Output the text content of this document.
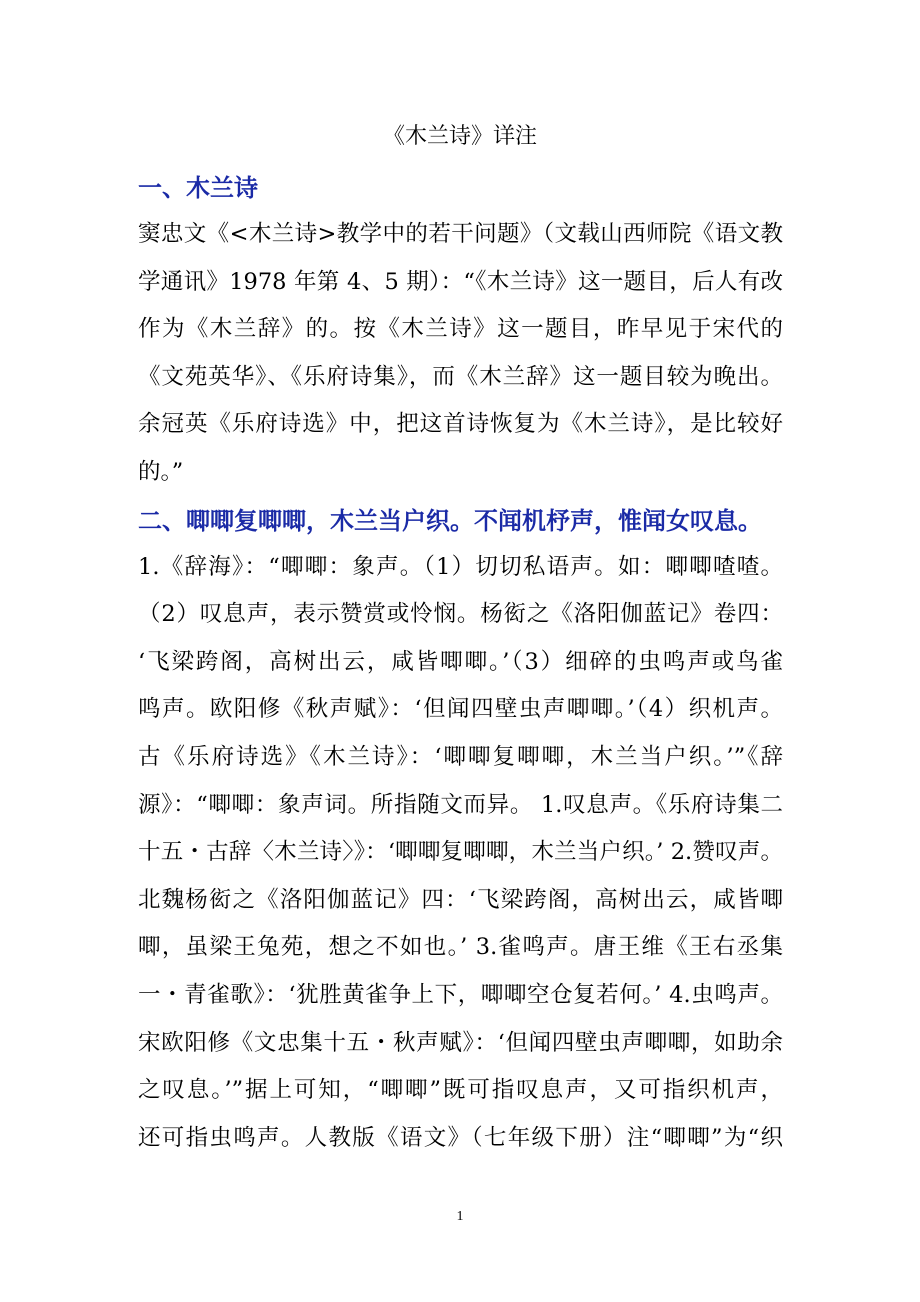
《木兰诗》详注
一、木兰诗
窦忠文《<木兰诗>教学中的若干问题》（文载山西师院《语文教
学通讯》1978 年第 4、5 期）：“《木兰诗》这一题目，后人有改
作为《木兰辞》的。按《木兰诗》这一题目，昨早见于宋代的
《文苑英华》、《乐府诗集》，而《木兰辞》这一题目较为晚出。
余冠英《乐府诗选》中，把这首诗恢复为《木兰诗》，是比较好
的。”
二、唧唧复唧唧，木兰当户织。不闻机杼声，惟闻女叹息。
1.《辞海》：“唧唧：象声。（1）切切私语声。如：唧唧喳喳。
（2）叹息声，表示赞赏或怜悯。杨衒之《洛阳伽蓝记》卷四：
‘飞梁跨阁，高树出云，咸皆唧唧。’（3）细碎的虫鸣声或鸟雀
鸣声。欧阳修《秋声赋》：‘但闻四壁虫声唧唧。’（4）织机声。
古《乐府诗选》《木兰诗》：‘唧唧复唧唧，木兰当户织。’”《辞
源》：“唧唧：象声词。所指随文而异。 1.叹息声。《乐府诗集二
十五・古辞〈木兰诗〉》：‘唧唧复唧唧，木兰当户织。’ 2.赞叹声。
北魏杨衒之《洛阳伽蓝记》四：‘飞梁跨阁，高树出云，咸皆唧
唧，虽梁王兔苑，想之不如也。’ 3.雀鸣声。唐王维《王右丞集
一・青雀歌》：‘犹胜黄雀争上下，唧唧空仓复若何。’ 4.虫鸣声。
宋欧阳修《文忠集十五・秋声赋》：‘但闻四壁虫声唧唧，如助余
之叹息。’”据上可知，“唧唧”既可指叹息声，又可指织机声，
还可指虫鸣声。人教版《语文》（七年级下册）注“唧唧”为“织
1
